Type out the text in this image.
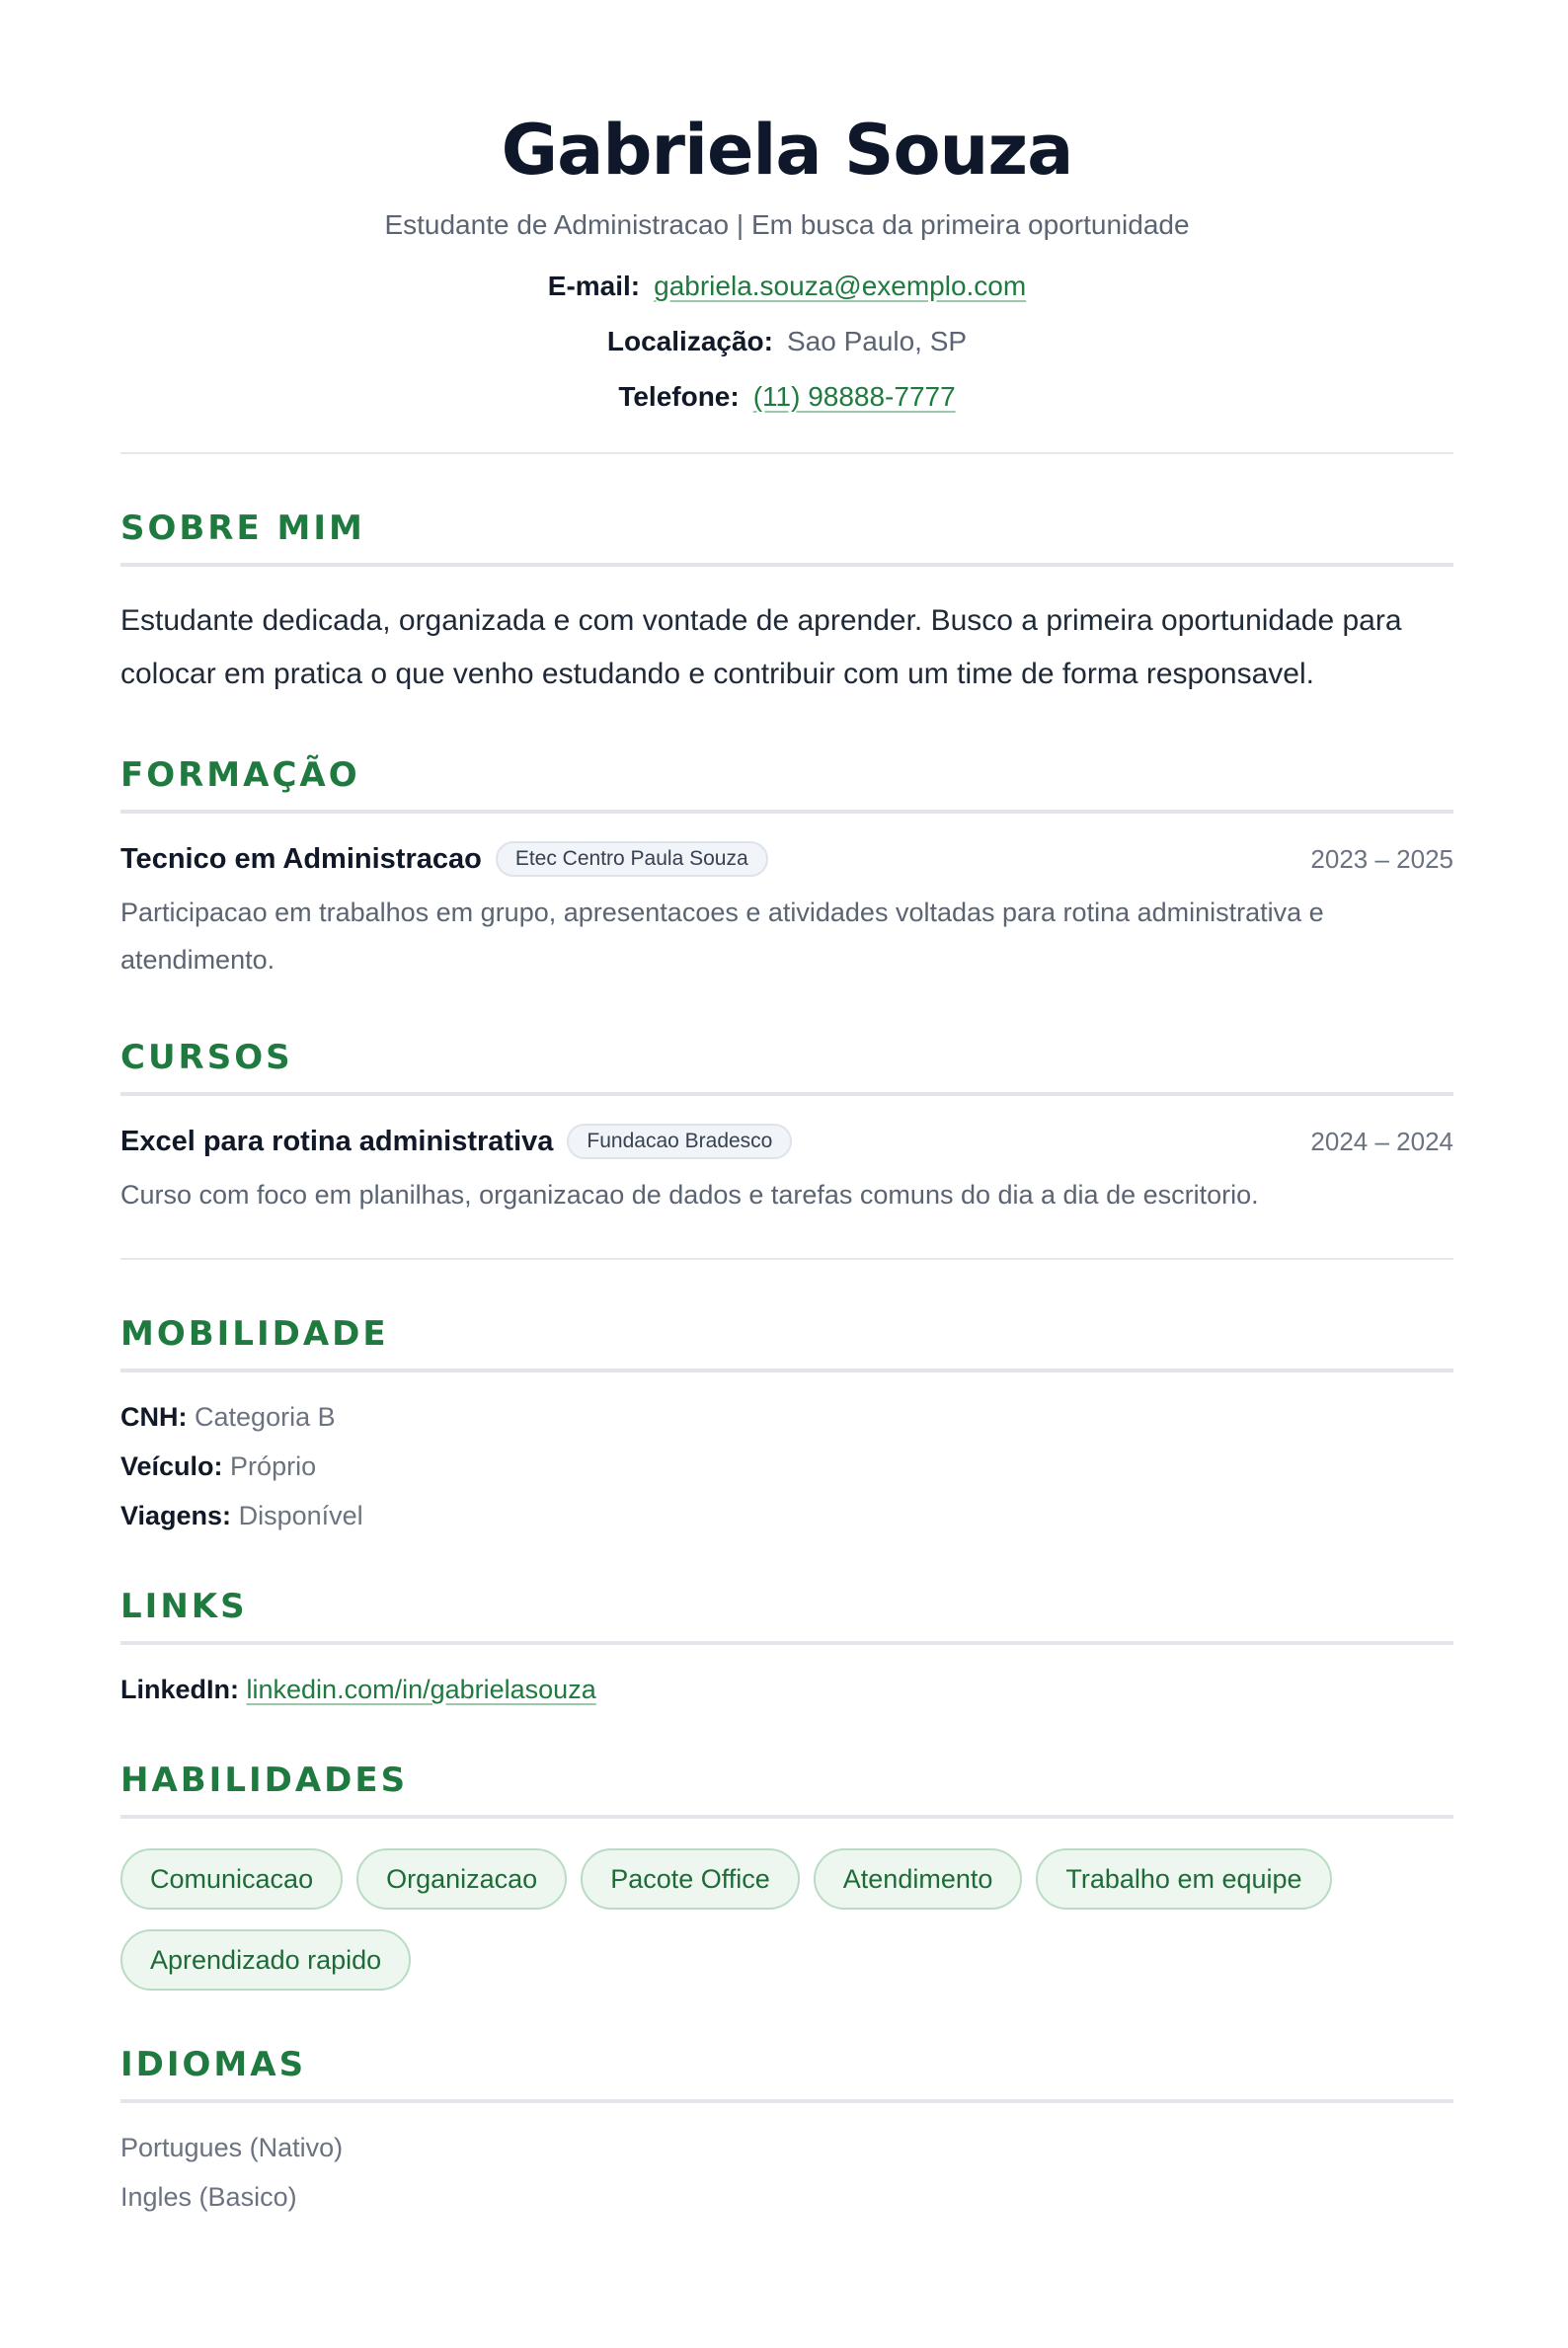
Gabriela Souza
Estudante de Administracao | Em busca da primeira oportunidade
E-mail: gabriela.souza@exemplo.com
Localização: Sao Paulo, SP
Telefone: (11) 98888-7777
SOBRE MIM

Estudante dedicada, organizada e com vontade de aprender. Busco a primeira oportunidade para colocar em pratica o que venho estudando e contribuir com um time de forma responsavel.

FORMAÇÃO
Tecnico em Administracao	Etec Centro Paula Souza	2023 – 2025
Participacao em trabalhos em grupo, apresentacoes e atividades voltadas para rotina administrativa e atendimento.
CURSOS
Excel para rotina administrativa	Fundacao Bradesco	2024 – 2024
Curso com foco em planilhas, organizacao de dados e tarefas comuns do dia a dia de escritorio.
MOBILIDADE
CNH: Categoria B
Veículo: Próprio
Viagens: Disponível
LINKS
LinkedIn: linkedin.com/in/gabrielasouza
HABILIDADES
Comunicacao	Organizacao	Pacote Office	Atendimento	Trabalho em equipe
Aprendizado rapido
IDIOMAS
Portugues (Nativo)
Ingles (Basico)
